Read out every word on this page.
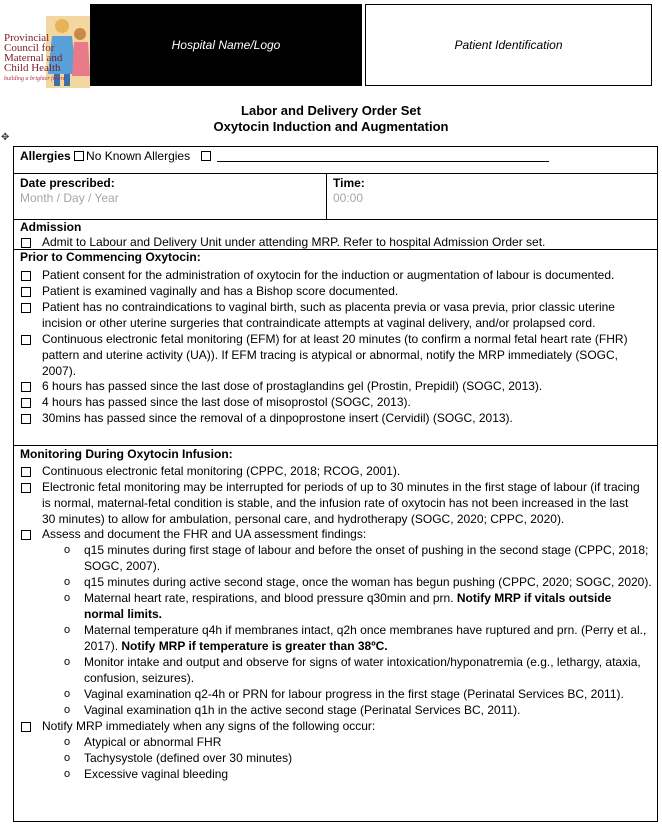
Provincial Council for Maternal and Child Health
building a brighter future
Hospital Name/Logo	Patient Identification
Labor and Delivery Order Set
Oxytocin Induction and Augmentation
✥
Allergies No Known Allergies
Date prescribed:
Month / Day / Year
Time:
00:00
Admission
Admit to Labour and Delivery Unit under attending MRP. Refer to hospital Admission Order set.
Prior to Commencing Oxytocin:
Patient consent for the administration of oxytocin for the induction or augmentation of labour is documented.
Patient is examined vaginally and has a Bishop score documented.
Patient has no contraindications to vaginal birth, such as placenta previa or vasa previa, prior classic uterine incision or other uterine surgeries that contraindicate attempts at vaginal delivery, and/or prolapsed cord.
Continuous electronic fetal monitoring (EFM) for at least 20 minutes (to confirm a normal fetal heart rate (FHR) pattern and uterine activity (UA)). If EFM tracing is atypical or abnormal, notify the MRP immediately (SOGC, 2007).
6 hours has passed since the last dose of prostaglandins gel (Prostin, Prepidil) (SOGC, 2013).
4 hours has passed since the last dose of misoprostol (SOGC, 2013).
30mins has passed since the removal of a dinpoprostone insert (Cervidil) (SOGC, 2013).
Monitoring During Oxytocin Infusion:
Continuous electronic fetal monitoring (CPPC, 2018; RCOG, 2001).
Electronic fetal monitoring may be interrupted for periods of up to 30 minutes in the first stage of labour (if tracing is normal, maternal-fetal condition is stable, and the infusion rate of oxytocin has not been increased in the last 30 minutes) to allow for ambulation, personal care, and hydrotherapy (SOGC, 2020; CPPC, 2020).
Assess and document the FHR and UA assessment findings:
o	q15 minutes during first stage of labour and before the onset of pushing in the second stage (CPPC, 2018; SOGC, 2007).
o	q15 minutes during active second stage, once the woman has begun pushing (CPPC, 2020; SOGC, 2020).
o	Maternal heart rate, respirations, and blood pressure q30min and prn. Notify MRP if vitals outside normal limits.
o	Maternal temperature q4h if membranes intact, q2h once membranes have ruptured and prn. (Perry et al., 2017). Notify MRP if temperature is greater than 38ºC.
o	Monitor intake and output and observe for signs of water intoxication/hyponatremia (e.g., lethargy, ataxia, confusion, seizures).
o	Vaginal examination q2-4h or PRN for labour progress in the first stage (Perinatal Services BC, 2011).
o	Vaginal examination q1h in the active second stage (Perinatal Services BC, 2011).
Notify MRP immediately when any signs of the following occur:
o	Atypical or abnormal FHR
o	Tachysystole (defined over 30 minutes)
o	Excessive vaginal bleeding
